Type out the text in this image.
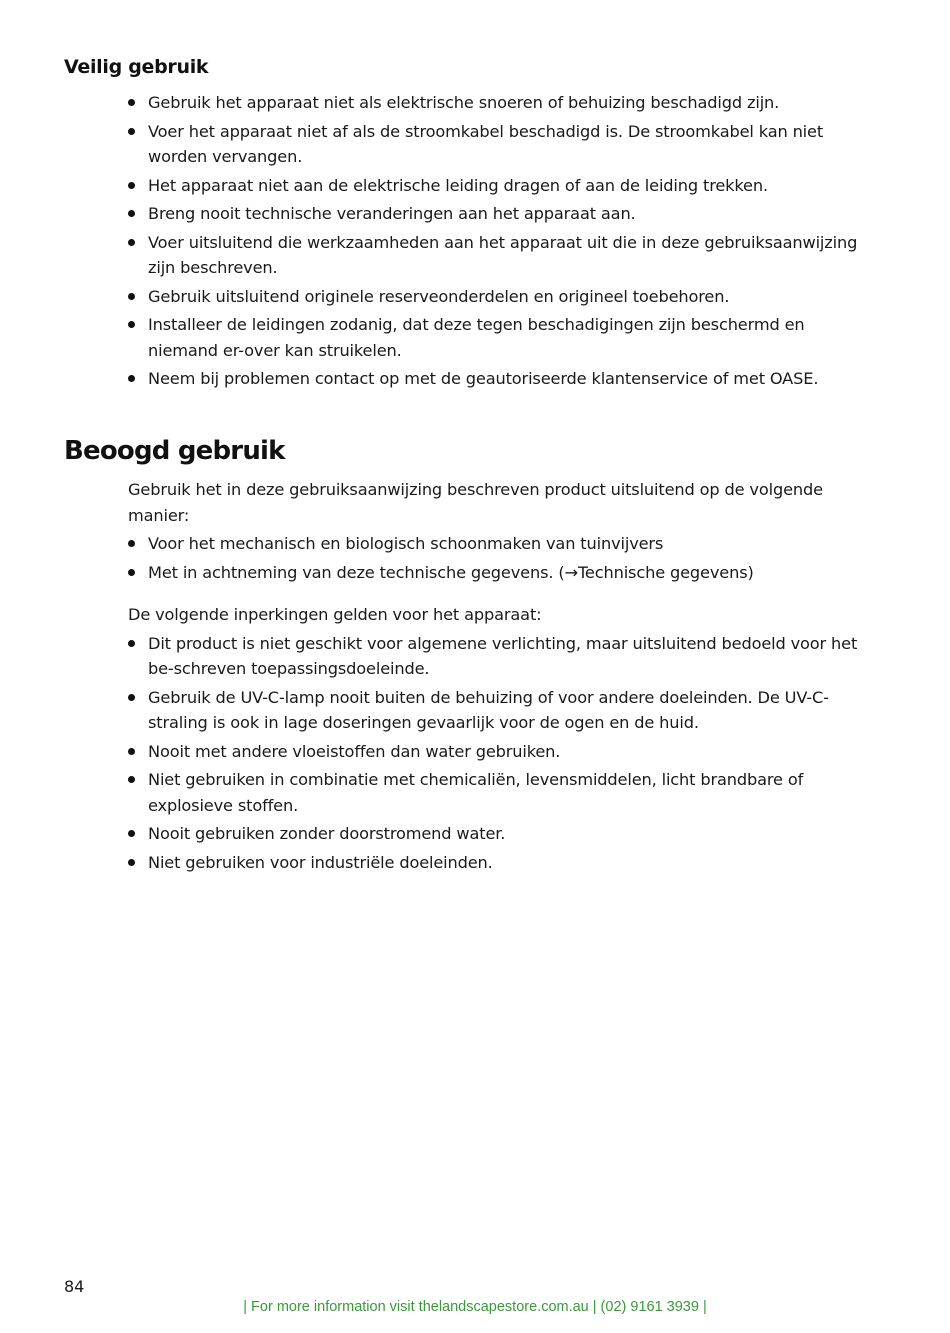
Veilig gebruik
Gebruik het apparaat niet als elektrische snoeren of behuizing beschadigd zijn.
Voer het apparaat niet af als de stroomkabel beschadigd is. De stroomkabel kan niet worden vervangen.
Het apparaat niet aan de elektrische leiding dragen of aan de leiding trekken.
Breng nooit technische veranderingen aan het apparaat aan.
Voer uitsluitend die werkzaamheden aan het apparaat uit die in deze gebruiksaanwijzing zijn beschreven.
Gebruik uitsluitend originele reserveonderdelen en origineel toebehoren.
Installeer de leidingen zodanig, dat deze tegen beschadigingen zijn beschermd en niemand er-over kan struikelen.
Neem bij problemen contact op met de geautoriseerde klantenservice of met OASE.
Beoogd gebruik

Gebruik het in deze gebruiksaanwijzing beschreven product uitsluitend op de volgende manier:

Voor het mechanisch en biologisch schoonmaken van tuinvijvers
Met in achtneming van deze technische gegevens. (→Technische gegevens)

De volgende inperkingen gelden voor het apparaat:

Dit product is niet geschikt voor algemene verlichting, maar uitsluitend bedoeld voor het be-schreven toepassingsdoeleinde.
Gebruik de UV-C-lamp nooit buiten de behuizing of voor andere doeleinden. De UV-C-straling is ook in lage doseringen gevaarlijk voor de ogen en de huid.
Nooit met andere vloeistoffen dan water gebruiken.
Niet gebruiken in combinatie met chemicaliën, levensmiddelen, licht brandbare of explosieve stoffen.
Nooit gebruiken zonder doorstromend water.
Niet gebruiken voor industriële doeleinden.
84
| For more information visit thelandscapestore.com.au | (02) 9161 3939 |
